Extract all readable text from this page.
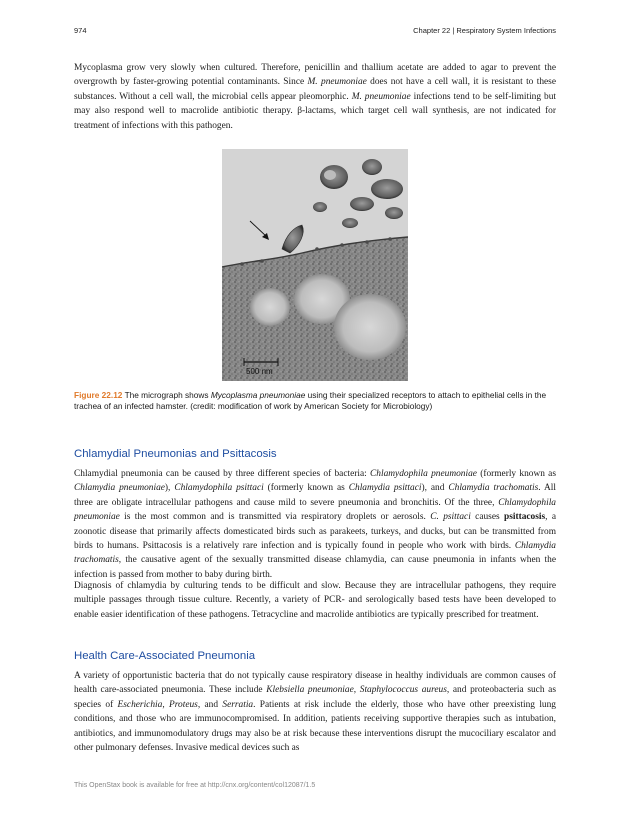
974	Chapter 22 | Respiratory System Infections

Mycoplasma grow very slowly when cultured. Therefore, penicillin and thallium acetate are added to agar to prevent the overgrowth by faster-growing potential contaminants. Since M. pneumoniae does not have a cell wall, it is resistant to these substances. Without a cell wall, the microbial cells appear pleomorphic. M. pneumoniae infections tend to be self-limiting but may also respond well to macrolide antibiotic therapy. β-lactams, which target cell wall synthesis, are not indicated for treatment of infections with this pathogen.

500 nm

Figure 22.12 The micrograph shows Mycoplasma pneumoniae using their specialized receptors to attach to epithelial cells in the trachea of an infected hamster. (credit: modification of work by American Society for Microbiology)

Chlamydial Pneumonias and Psittacosis

Chlamydial pneumonia can be caused by three different species of bacteria: Chlamydophila pneumoniae (formerly known as Chlamydia pneumoniae), Chlamydophila psittaci (formerly known as Chlamydia psittaci), and Chlamydia trachomatis. All three are obligate intracellular pathogens and cause mild to severe pneumonia and bronchitis. Of the three, Chlamydophila pneumoniae is the most common and is transmitted via respiratory droplets or aerosols. C. psittaci causes psittacosis, a zoonotic disease that primarily affects domesticated birds such as parakeets, turkeys, and ducks, but can be transmitted from birds to humans. Psittacosis is a relatively rare infection and is typically found in people who work with birds. Chlamydia trachomatis, the causative agent of the sexually transmitted disease chlamydia, can cause pneumonia in infants when the infection is passed from mother to baby during birth.

Diagnosis of chlamydia by culturing tends to be difficult and slow. Because they are intracellular pathogens, they require multiple passages through tissue culture. Recently, a variety of PCR- and serologically based tests have been developed to enable easier identification of these pathogens. Tetracycline and macrolide antibiotics are typically prescribed for treatment.

Health Care-Associated Pneumonia

A variety of opportunistic bacteria that do not typically cause respiratory disease in healthy individuals are common causes of health care-associated pneumonia. These include Klebsiella pneumoniae, Staphylococcus aureus, and proteobacteria such as species of Escherichia, Proteus, and Serratia. Patients at risk include the elderly, those who have other preexisting lung conditions, and those who are immunocompromised. In addition, patients receiving supportive therapies such as intubation, antibiotics, and immunomodulatory drugs may also be at risk because these interventions disrupt the mucociliary escalator and other pulmonary defenses. Invasive medical devices such as

This OpenStax book is available for free at http://cnx.org/content/col12087/1.5
